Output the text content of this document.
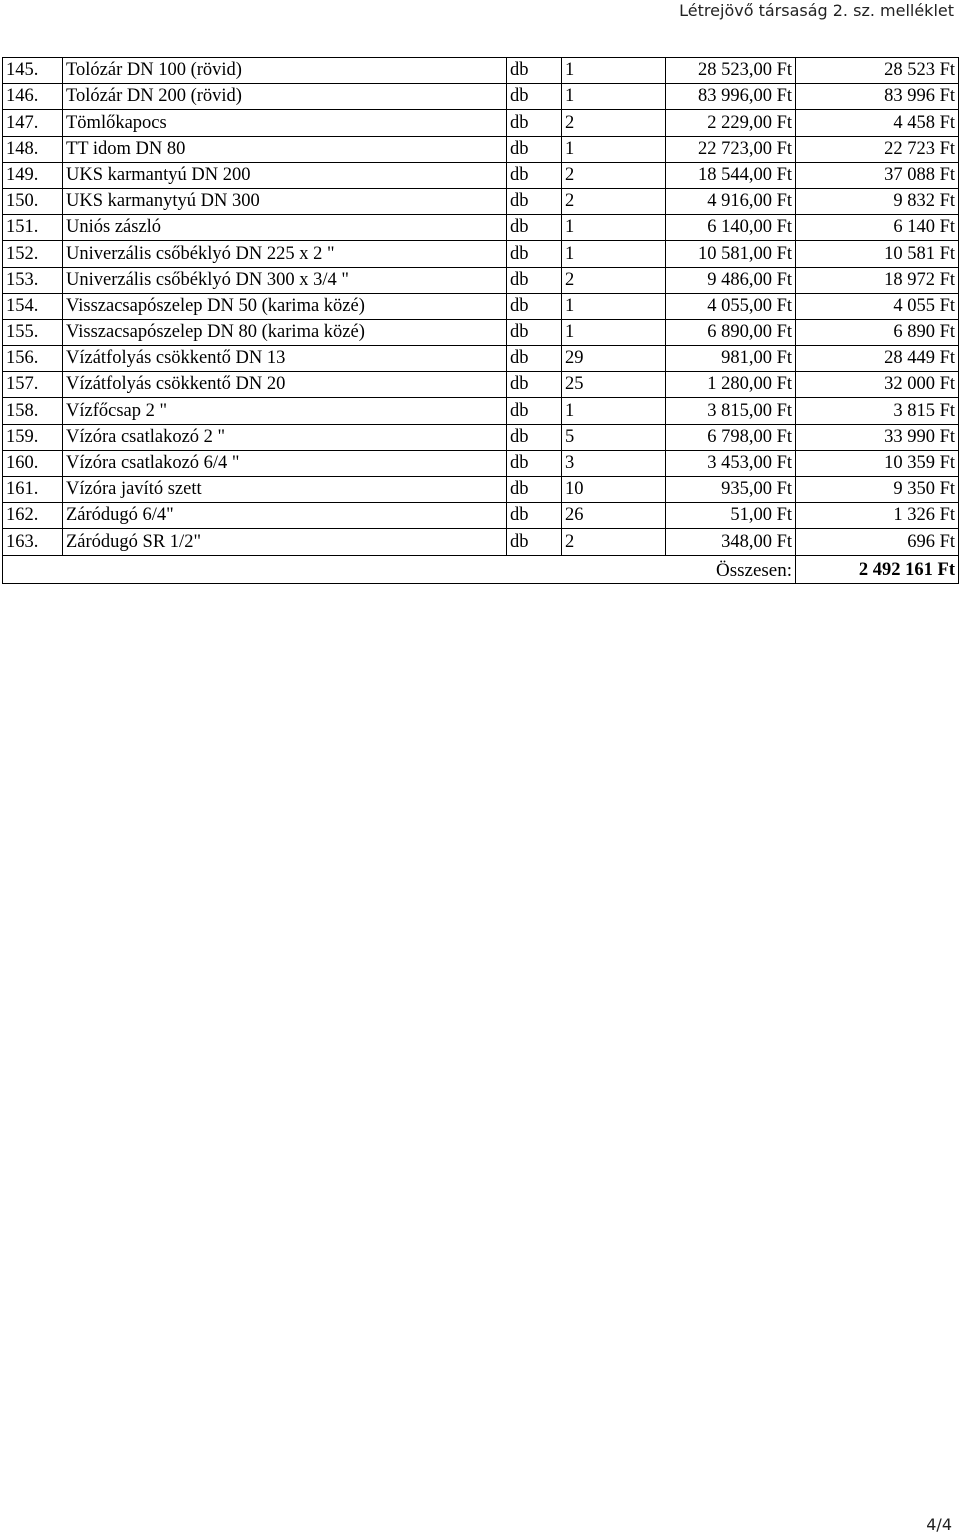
Létrejövő társaság 2. sz. melléklet
145.	Tolózár DN 100 (rövid)	db	1	28 523,00 Ft	28 523 Ft
146.	Tolózár DN 200 (rövid)	db	1	83 996,00 Ft	83 996 Ft
147.	Tömlőkapocs	db	2	2 229,00 Ft	4 458 Ft
148.	TT idom DN 80	db	1	22 723,00 Ft	22 723 Ft
149.	UKS karmantyú DN 200	db	2	18 544,00 Ft	37 088 Ft
150.	UKS karmanytyú DN 300	db	2	4 916,00 Ft	9 832 Ft
151.	Uniós zászló	db	1	6 140,00 Ft	6 140 Ft
152.	Univerzális csőbéklyó DN 225 x 2 "	db	1	10 581,00 Ft	10 581 Ft
153.	Univerzális csőbéklyó DN 300 x 3/4 "	db	2	9 486,00 Ft	18 972 Ft
154.	Visszacsapószelep DN 50 (karima közé)	db	1	4 055,00 Ft	4 055 Ft
155.	Visszacsapószelep DN 80 (karima közé)	db	1	6 890,00 Ft	6 890 Ft
156.	Vízátfolyás csökkentő DN 13	db	29	981,00 Ft	28 449 Ft
157.	Vízátfolyás csökkentő DN 20	db	25	1 280,00 Ft	32 000 Ft
158.	Vízfőcsap 2 "	db	1	3 815,00 Ft	3 815 Ft
159.	Vízóra csatlakozó 2 "	db	5	6 798,00 Ft	33 990 Ft
160.	Vízóra csatlakozó 6/4 "	db	3	3 453,00 Ft	10 359 Ft
161.	Vízóra javító szett	db	10	935,00 Ft	9 350 Ft
162.	Záródugó 6/4"	db	26	51,00 Ft	1 326 Ft
163.	Záródugó SR 1/2"	db	2	348,00 Ft	696 Ft
Összesen:					2 492 161 Ft
4/4
